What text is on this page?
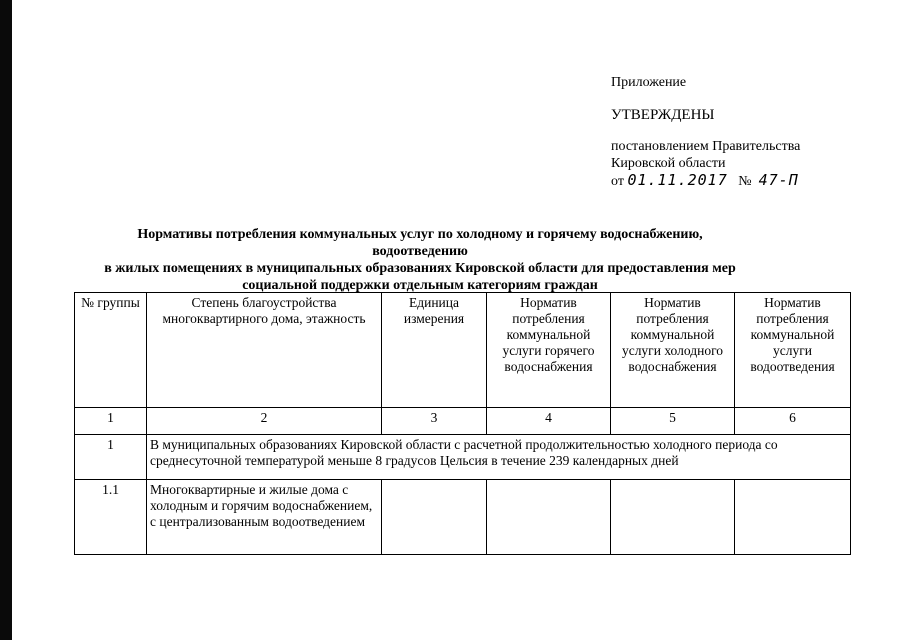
Приложение
УТВЕРЖДЕНЫ
постановлением Правительства
Кировской области
от 01.11.2017 № 47-П
Нормативы потребления коммунальных услуг по холодному и горячему водоснабжению, водоотведению
в жилых помещениях в муниципальных образованиях Кировской области для предоставления мер
социальной поддержки отдельным категориям граждан
№ группы	Степень благоустройства многоквартирного дома, этажность	Единица измерения	Норматив потребления коммунальной услуги горячего водоснабжения	Норматив потребления коммунальной услуги холодного водоснабжения	Норматив потребления коммунальной услуги водоотведения
1	2	3	4	5	6
1	В муниципальных образованиях Кировской области с расчетной продолжительностью холодного периода со среднесуточной температурой меньше 8 градусов Цельсия в течение 239 календарных дней				
1.1	Многоквартирные и жилые дома с холодным и горячим водоснабжением, с централизованным водоотведением				
